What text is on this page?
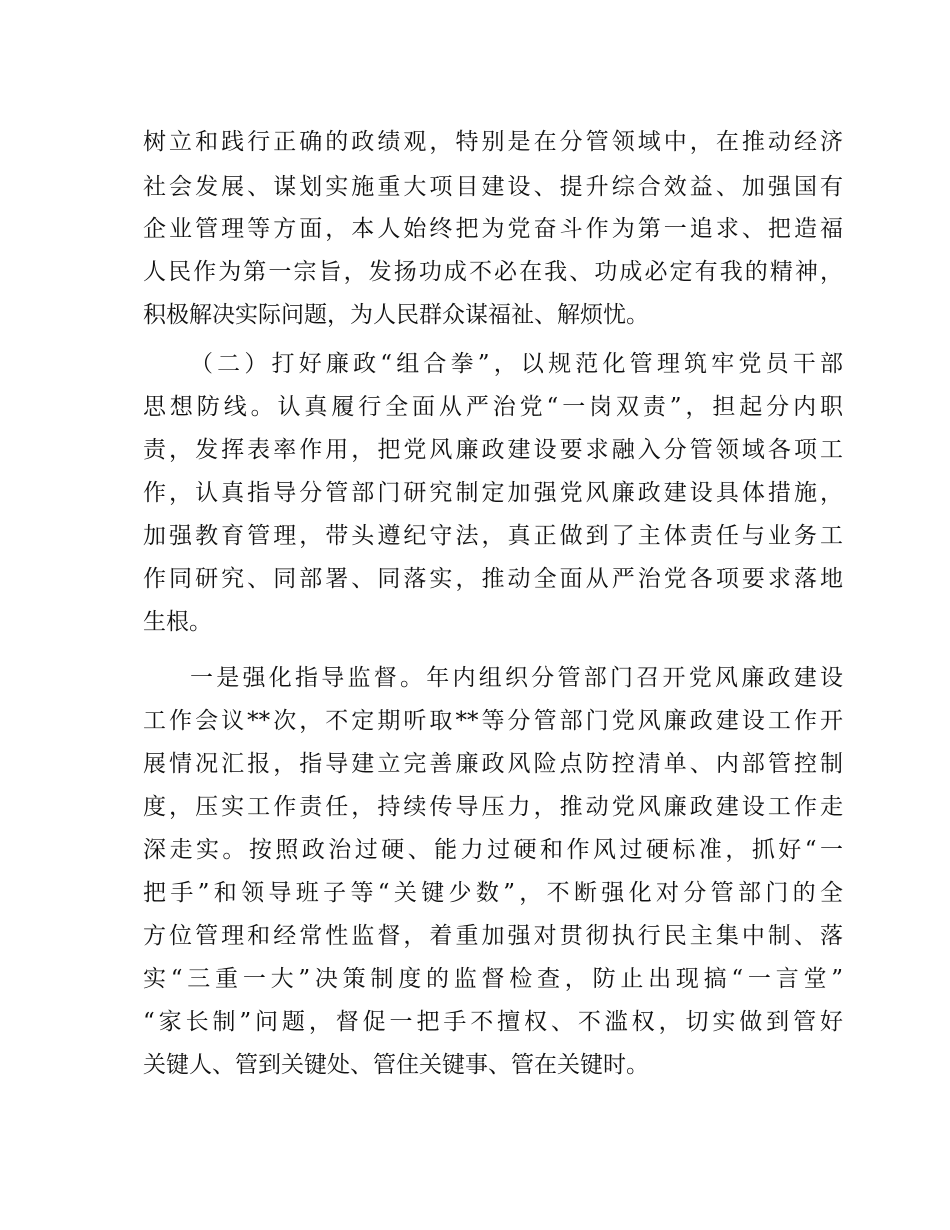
树立和践行正确的政绩观，特别是在分管领域中，在推动经济
社会发展、谋划实施重大项目建设、提升综合效益、加强国有
企业管理等方面，本人始终把为党奋斗作为第一追求、把造福
人民作为第一宗旨，发扬功成不必在我、功成必定有我的精神，
积极解决实际问题，为人民群众谋福祉、解烦忧。
（二）打好廉政“组合拳”，以规范化管理筑牢党员干部
思想防线。认真履行全面从严治党“一岗双责”，担起分内职
责，发挥表率作用，把党风廉政建设要求融入分管领域各项工
作，认真指导分管部门研究制定加强党风廉政建设具体措施，
加强教育管理，带头遵纪守法，真正做到了主体责任与业务工
作同研究、同部署、同落实，推动全面从严治党各项要求落地
生根。
一是强化指导监督。年内组织分管部门召开党风廉政建设
工作会议**次，不定期听取**等分管部门党风廉政建设工作开
展情况汇报，指导建立完善廉政风险点防控清单、内部管控制
度，压实工作责任，持续传导压力，推动党风廉政建设工作走
深走实。按照政治过硬、能力过硬和作风过硬标准，抓好“一
把手”和领导班子等“关键少数”，不断强化对分管部门的全
方位管理和经常性监督，着重加强对贯彻执行民主集中制、落
实“三重一大”决策制度的监督检查，防止出现搞“一言堂”
“家长制”问题，督促一把手不擅权、不滥权，切实做到管好
关键人、管到关键处、管住关键事、管在关键时。
